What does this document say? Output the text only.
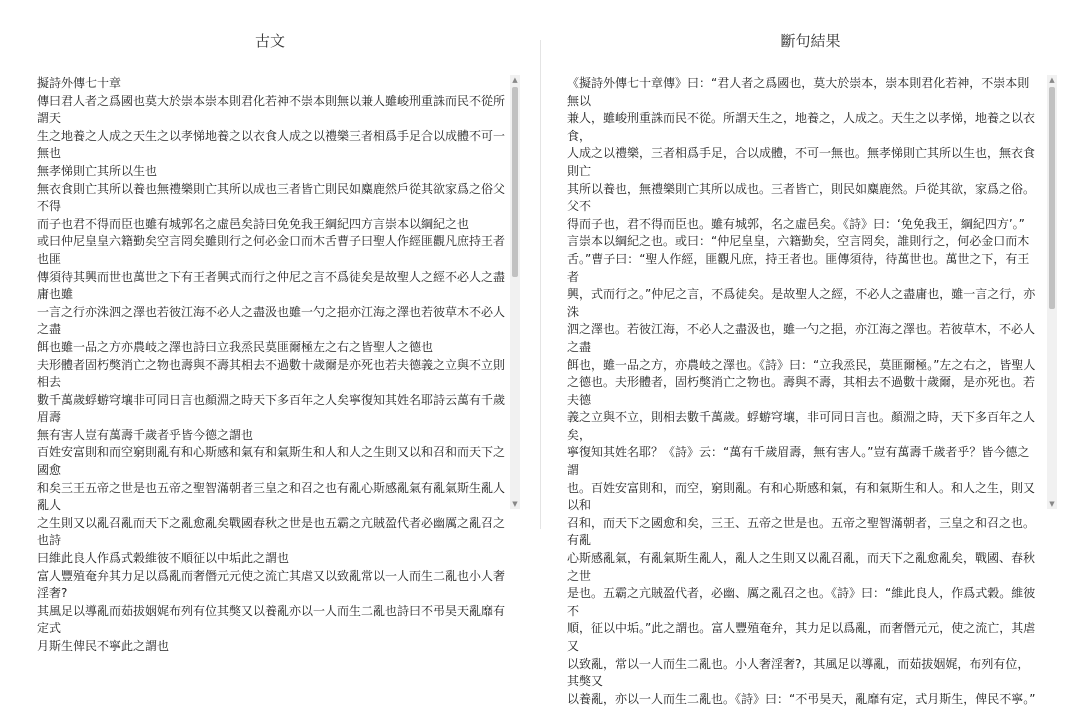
古文	斷句結果
擬詩外傳七十章
傳曰君人者之爲國也莫大於崇本崇本則君化若神不崇本則無以兼人雖峻刑重誅而民不從所謂天
生之地養之人成之天生之以孝悌地養之以衣食人成之以禮樂三者相爲手足合以成體不可一無也
無孝悌則亡其所以生也
無衣食則亡其所以養也無禮樂則亡其所以成也三者皆亡則民如麋鹿然戶從其欲家爲之俗父不得
而子也君不得而臣也雖有城郭名之虛邑矣詩曰免免我王綱紀四方言崇本以綱紀之也
或曰仲尼皇皇六籍勤矣空言罔矣雖則行之何必金口而木舌曹子曰聖人作經匪觀凡庶持王者也匪
傳須待其興而世也萬世之下有王者興式而行之仲尼之言不爲徒矣是故聖人之經不必人之盡庸也雖
一言之行亦洙泗之澤也若彼江海不必人之盡汲也雖一勺之挹亦江海之澤也若彼草木不必人之盡
餌也雖一品之方亦農岐之澤也詩曰立我烝民莫匪爾極左之右之皆聖人之德也
夫形體者固朽獘消亡之物也壽與不壽其相去不過數十歲爾是亦死也若夫德義之立與不立則相去
數千萬歲蜉蝣穹壤非可同日言也顏淵之時天下多百年之人矣寧復知其姓名耶詩云萬有千歲眉壽
無有害人豈有萬壽千歲者乎皆今德之謂也
百姓安富則和而空窮則亂有和心斯感和氣有和氣斯生和人和人之生則又以和召和而天下之國愈
和矣三王五帝之世是也五帝之聖智滿朝者三皇之和召之也有亂心斯感亂氣有亂氣斯生亂人亂人
之生則又以亂召亂而天下之亂愈亂矣戰國春秋之世是也五霸之亢賊盈代者必幽厲之亂召之也詩
曰維此良人作爲式穀維彼不順征以中垢此之謂也
富人豐殖奄弁其力足以爲亂而奢僭元元使之流亡其虐又以致亂常以一人而生二亂也小人奢淫奢?
其風足以導亂而茹拔姻娓布列有位其獘又以養亂亦以一人而生二亂也詩曰不弔昊天亂靡有定式
月斯生俾民不寧此之謂也
▲
▼
《擬詩外傳七十章傳》曰：“君人者之爲國也，莫大於崇本，崇本則君化若神，不崇本則無以
兼人，雖峻刑重誅而民不從。所謂天生之，地養之，人成之。天生之以孝悌，地養之以衣食，
人成之以禮樂，三者相爲手足，合以成體，不可一無也。無孝悌則亡其所以生也，無衣食則亡
其所以養也，無禮樂則亡其所以成也。三者皆亡，則民如麋鹿然。戶從其欲，家爲之俗。父不
得而子也，君不得而臣也。雖有城郭，名之虛邑矣。《詩》曰：‘免免我王，綱紀四方’。”
言崇本以綱紀之也。或曰：“仲尼皇皇，六籍勤矣，空言罔矣，誰則行之，何必金口而木
舌。”曹子曰：“聖人作經，匪觀凡庶，持王者也。匪傳須待，待萬世也。萬世之下，有王者
興，式而行之。”仲尼之言，不爲徒矣。是故聖人之經，不必人之盡庸也，雖一言之行，亦洙
泗之澤也。若彼江海，不必人之盡汲也，雖一勺之挹，亦江海之澤也。若彼草木，不必人之盡
餌也，雖一品之方，亦農岐之澤也。《詩》曰：“立我烝民，莫匪爾極。”左之右之，皆聖人
之德也。夫形體者，固朽獘消亡之物也。壽與不壽，其相去不過數十歲爾，是亦死也。若夫德
義之立與不立，則相去數千萬歲。蜉蝣穹壤，非可同日言也。顏淵之時，天下多百年之人矣，
寧復知其姓名耶？《詩》云：“萬有千歲眉壽，無有害人。”豈有萬壽千歲者乎？皆今德之謂
也。百姓安富則和，而空，窮則亂。有和心斯感和氣，有和氣斯生和人。和人之生，則又以和
召和，而天下之國愈和矣，三王、五帝之世是也。五帝之聖智滿朝者，三皇之和召之也。有亂
心斯感亂氣，有亂氣斯生亂人，亂人之生則又以亂召亂，而天下之亂愈亂矣，戰國、春秋之世
是也。五霸之亢賊盈代者，必幽、厲之亂召之也。《詩》曰：“維此良人，作爲式穀。維彼不
順，征以中垢。”此之謂也。富人豐殖奄弁，其力足以爲亂，而奢僭元元，使之流亡，其虐又
以致亂，常以一人而生二亂也。小人奢淫奢?，其風足以導亂，而茹拔姻娓，布列有位，其獘又
以養亂，亦以一人而生二亂也。《詩》曰：“不弔昊天，亂靡有定，式月斯生，俾民不寧。”
▲
▼
